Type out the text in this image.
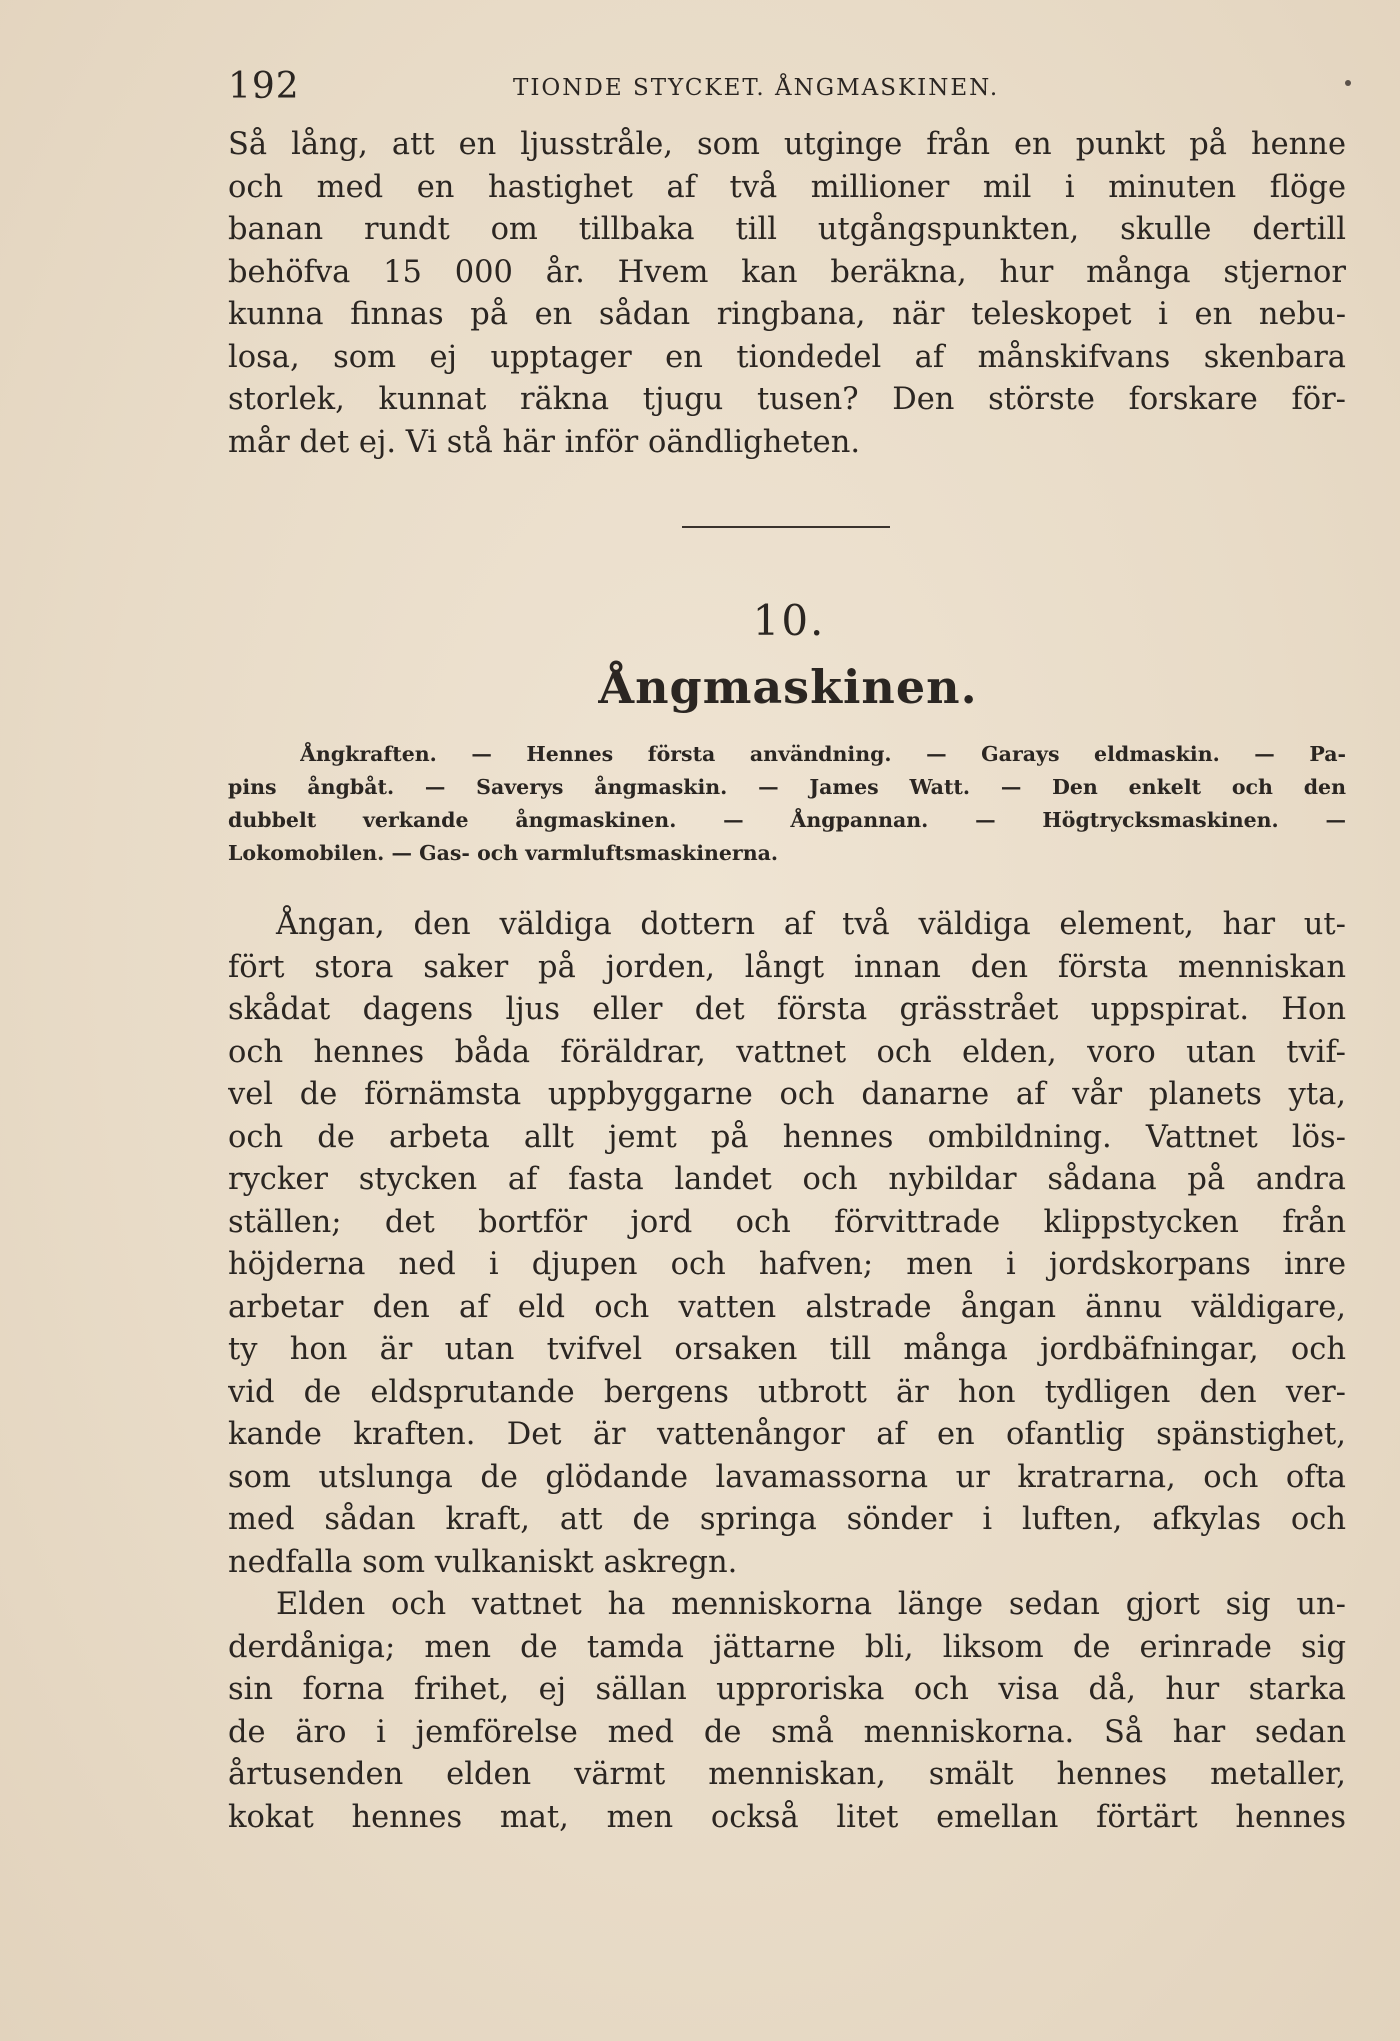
192	TIONDE STYCKET. ÅNGMASKINEN.
Så lång, att en ljusstråle, som utginge från en punkt på henne
och med en hastighet af två millioner mil i minuten flöge
banan rundt om tillbaka till utgångspunkten, skulle dertill
behöfva 15 000 år. Hvem kan beräkna, hur många stjernor
kunna finnas på en sådan ringbana, när teleskopet i en nebu-
losa, som ej upptager en tiondedel af månskifvans skenbara
storlek, kunnat räkna tjugu tusen? Den störste forskare för-
mår det ej. Vi stå här inför oändligheten.
10.
Ångmaskinen.
Ångkraften. — Hennes första användning. — Garays eldmaskin. — Pa-
pins ångbåt. — Saverys ångmaskin. — James Watt. — Den enkelt och den
dubbelt verkande ångmaskinen. — Ångpannan. — Högtrycksmaskinen. —
Lokomobilen. — Gas- och varmluftsmaskinerna.
Ångan, den väldiga dottern af två väldiga element, har ut-
fört stora saker på jorden, långt innan den första menniskan
skådat dagens ljus eller det första grässtrået uppspirat. Hon
och hennes båda föräldrar, vattnet och elden, voro utan tvif-
vel de förnämsta uppbyggarne och danarne af vår planets yta,
och de arbeta allt jemt på hennes ombildning. Vattnet lös-
rycker stycken af fasta landet och nybildar sådana på andra
ställen; det bortför jord och förvittrade klippstycken från
höjderna ned i djupen och hafven; men i jordskorpans inre
arbetar den af eld och vatten alstrade ångan ännu väldigare,
ty hon är utan tvifvel orsaken till många jordbäfningar, och
vid de eldsprutande bergens utbrott är hon tydligen den ver-
kande kraften. Det är vattenångor af en ofantlig spänstighet,
som utslunga de glödande lavamassorna ur kratrarna, och ofta
med sådan kraft, att de springa sönder i luften, afkylas och
nedfalla som vulkaniskt askregn.
Elden och vattnet ha menniskorna länge sedan gjort sig un-
derdåniga; men de tamda jättarne bli, liksom de erinrade sig
sin forna frihet, ej sällan upproriska och visa då, hur starka
de äro i jemförelse med de små menniskorna. Så har sedan
årtusenden elden värmt menniskan, smält hennes metaller,
kokat hennes mat, men också litet emellan förtärt hennes
